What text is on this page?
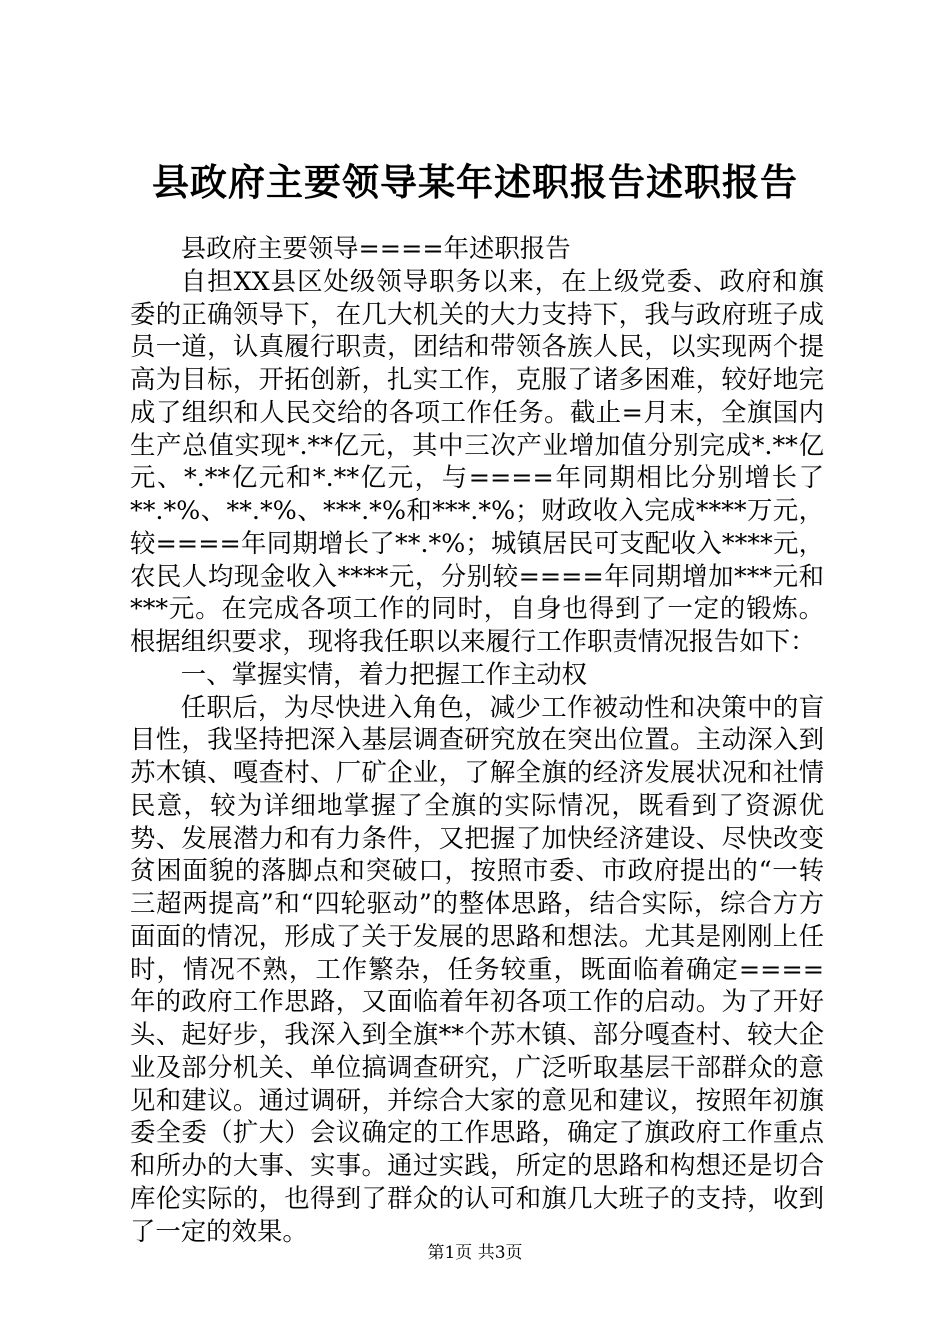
县政府主要领导某年述职报告述职报告

县政府主要领导====年述职报告

自担XX县区处级领导职务以来，在上级党委、政府和旗委的正确领导下，在几大机关的大力支持下，我与政府班子成员一道，认真履行职责，团结和带领各族人民，以实现两个提高为目标，开拓创新，扎实工作，克服了诸多困难，较好地完成了组织和人民交给的各项工作任务。截止=月末，全旗国内生产总值实现*.**亿元，其中三次产业增加值分别完成*.**亿元、*.**亿元和*.**亿元，与====年同期相比分别增长了**.*%、**.*%、***.*%和***.*%；财政收入完成****万元，较====年同期增长了**.*%；城镇居民可支配收入****元，农民人均现金收入****元，分别较====年同期增加***元和***元。在完成各项工作的同时，自身也得到了一定的锻炼。根据组织要求，现将我任职以来履行工作职责情况报告如下：

一、掌握实情，着力把握工作主动权

任职后，为尽快进入角色，减少工作被动性和决策中的盲目性，我坚持把深入基层调查研究放在突出位置。主动深入到苏木镇、嘎查村、厂矿企业，了解全旗的经济发展状况和社情民意，较为详细地掌握了全旗的实际情况，既看到了资源优势、发展潜力和有力条件，又把握了加快经济建设、尽快改变贫困面貌的落脚点和突破口，按照市委、市政府提出的“一转三超两提高”和“四轮驱动”的整体思路，结合实际，综合方方面面的情况，形成了关于发展的思路和想法。尤其是刚刚上任时，情况不熟，工作繁杂，任务较重，既面临着确定====年的政府工作思路，又面临着年初各项工作的启动。为了开好头、起好步，我深入到全旗**个苏木镇、部分嘎查村、较大企业及部分机关、单位搞调查研究，广泛听取基层干部群众的意见和建议。通过调研，并综合大家的意见和建议，按照年初旗委全委（扩大）会议确定的工作思路，确定了旗政府工作重点和所办的大事、实事。通过实践，所定的思路和构想还是切合库伦实际的，也得到了群众的认可和旗几大班子的支持，收到了一定的效果。

第1页 共3页
